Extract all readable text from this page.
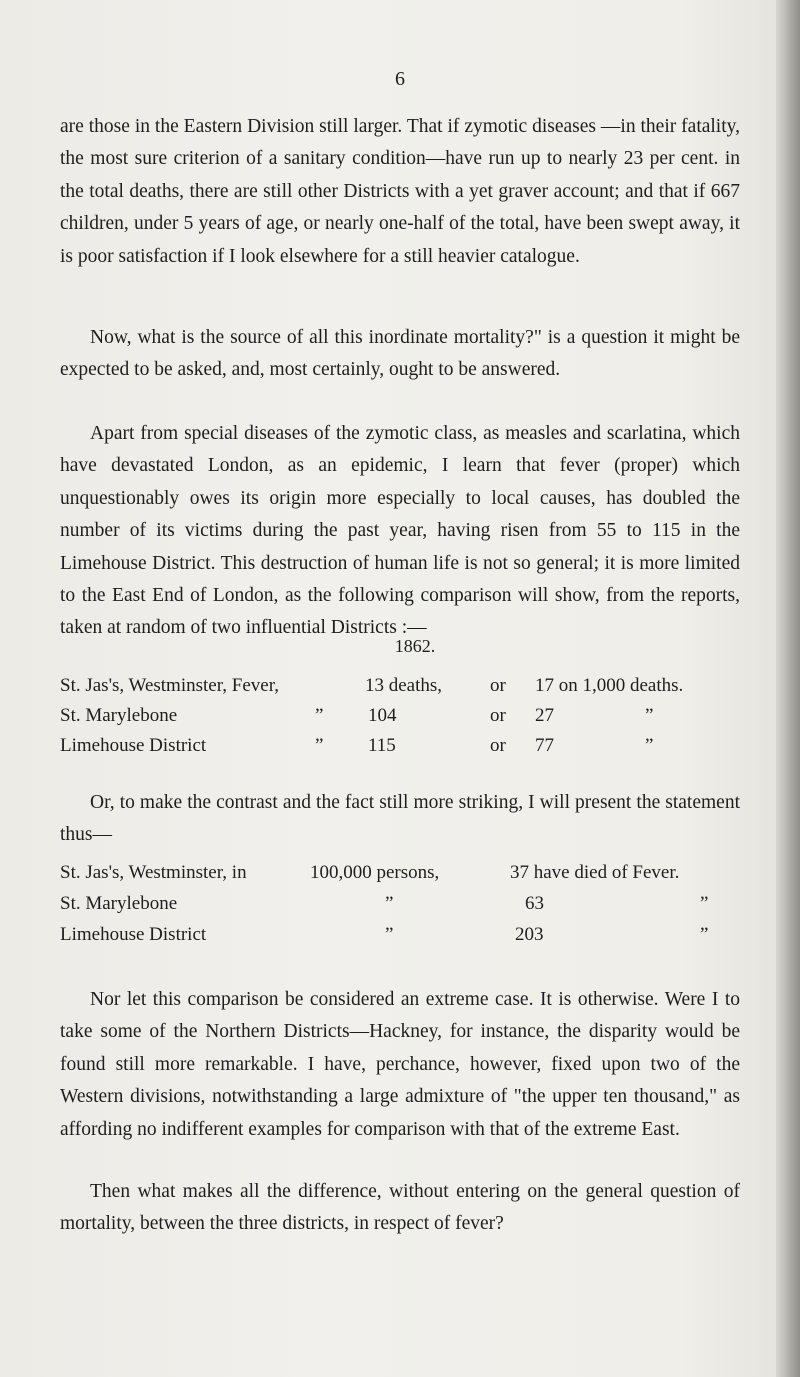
6

are those in the Eastern Division still larger. That if zymotic diseases —in their fatality, the most sure criterion of a sanitary condition—have run up to nearly 23 per cent. in the total deaths, there are still other Districts with a yet graver account; and that if 667 children, under 5 years of age, or nearly one-half of the total, have been swept away, it is poor satisfaction if I look elsewhere for a still heavier catalogue.

Now, what is the source of all this inordinate mortality?" is a question it might be expected to be asked, and, most certainly, ought to be answered.

Apart from special diseases of the zymotic class, as measles and scarlatina, which have devastated London, as an epidemic, I learn that fever (proper) which unquestionably owes its origin more especially to local causes, has doubled the number of its victims during the past year, having risen from 55 to 115 in the Limehouse District. This destruction of human life is not so general; it is more limited to the East End of London, as the following comparison will show, from the reports, taken at random of two influential Districts :—

1862.
St. Jas's, Westminster, Fever,	13 deaths,	or 17 on 1,000 deaths.
St. Marylebone	” 104	or 27	”
Limehouse District	” 115	or 77	”

Or, to make the contrast and the fact still more striking, I will present the statement thus—

St. Jas's, Westminster, in	100,000 persons,	37 have died of Fever.
St. Marylebone	”	63	”
Limehouse District	”	203	”

Nor let this comparison be considered an extreme case. It is otherwise. Were I to take some of the Northern Districts—Hackney, for instance, the disparity would be found still more remarkable. I have, perchance, however, fixed upon two of the Western divisions, notwithstanding a large admixture of "the upper ten thousand," as affording no indifferent examples for comparison with that of the extreme East.

Then what makes all the difference, without entering on the general question of mortality, between the three districts, in respect of fever?
